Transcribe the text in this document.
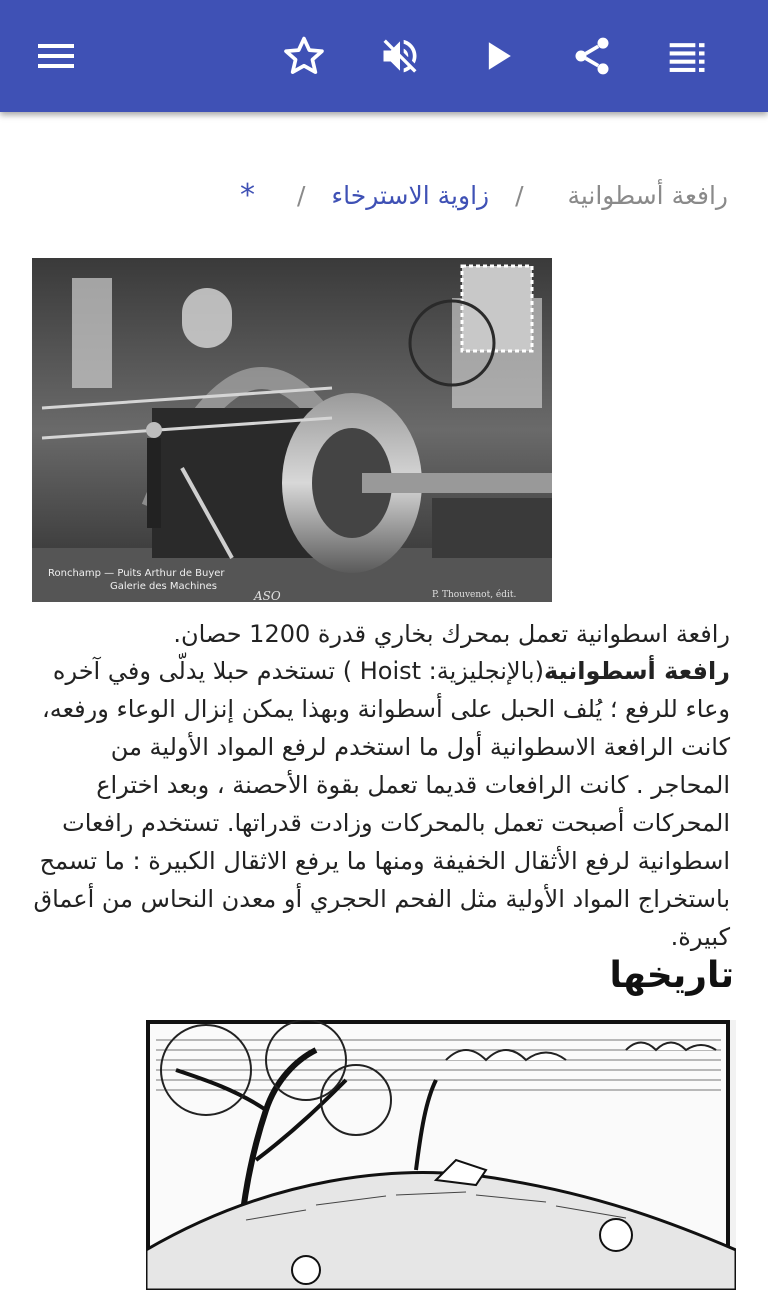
رافعة أسطوانية / زاوية الاسترخاء / *
Ronchamp — Puits Arthur de Buyer
Galerie des Machines
P. Thouvenot, édit.
ASO
رافعة اسطوانية تعمل بمحرك بخاري قدرة 1200 حصان.
رافعة أسطوانية(بالإنجليزية: Hoist ) تستخدم حبلا يدلّى وفي آخره وعاء للرفع ؛ يُلف الحبل على أسطوانة وبهذا يمكن إنزال الوعاء ورفعه، كانت الرافعة الاسطوانية أول ما استخدم لرفع المواد الأولية من المحاجر . كانت الرافعات قديما تعمل بقوة الأحصنة ، وبعد اختراع المحركات أصبحت تعمل بالمحركات وزادت قدراتها. تستخدم رافعات اسطوانية لرفع الأثقال الخفيفة ومنها ما يرفع الاثقال الكبيرة : ما تسمح باستخراج المواد الأولية مثل الفحم الحجري أو معدن النحاس من أعماق كبيرة.
تاريخها
